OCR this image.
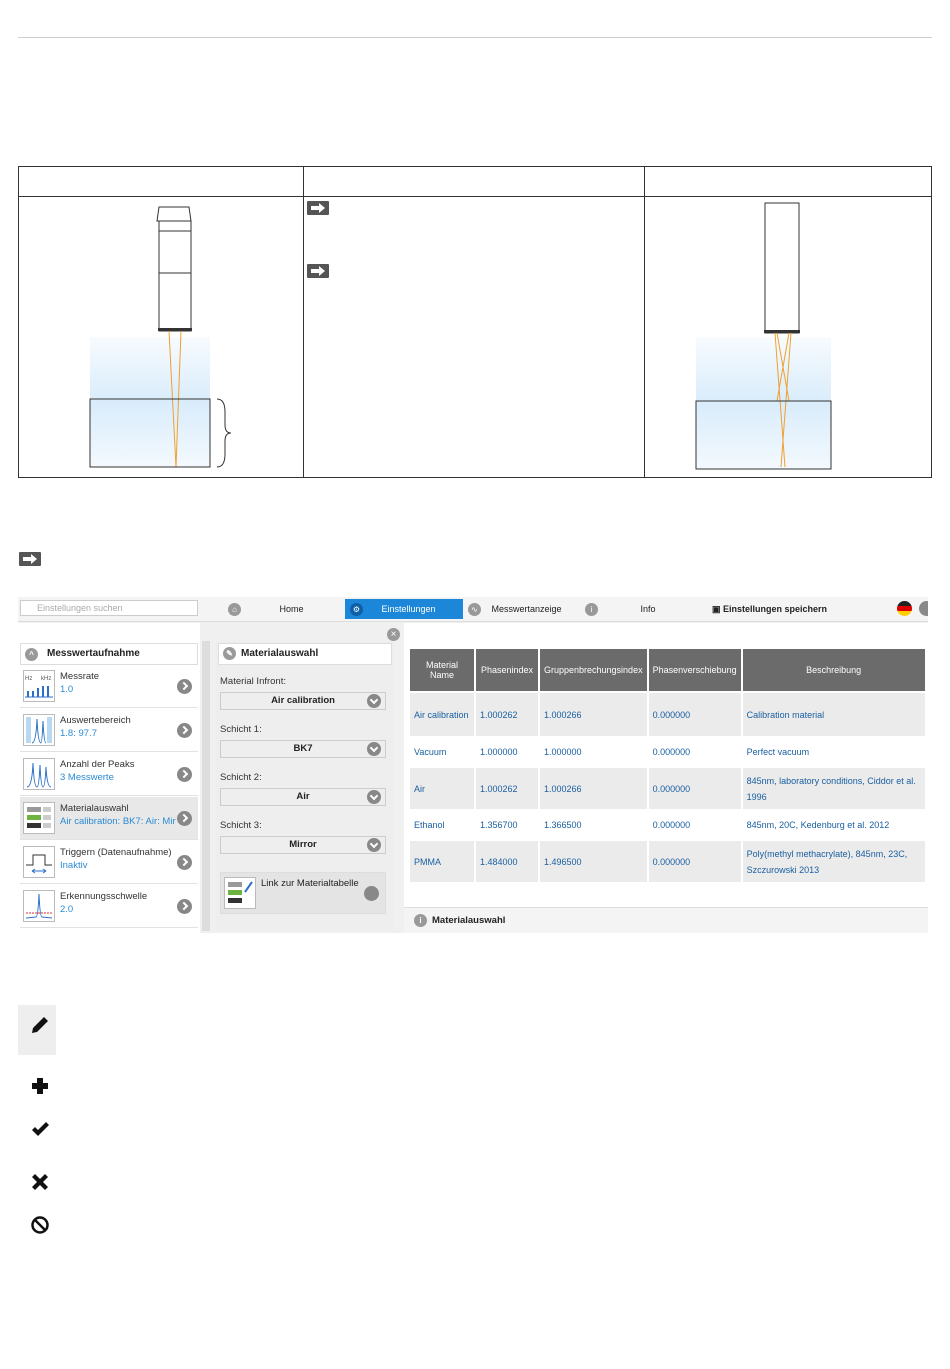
Einstellungen suchen	⌂	Home	⚙ Einstellungen	∿ Messwertanzeige	i	Info	▣ Einstellungen speichern
^	Messwertaufnahme
Hz kHz Messrate
1.0
Auswertebereich
1.8: 97.7
Anzahl der Peaks
3 Messwerte
Materialauswahl
Air calibration: BK7: Air: Mir
Triggern (Datenaufnahme)
Inaktiv
Erkennungsschwelle
2.0
×
✎ Materialauswahl
Material Infront:
Air calibration
Schicht 1:
BK7
Schicht 2:
Air
Schicht 3:
Mirror
Link zur Materialtabelle
Material Name	Phasenindex	Gruppenbrechungsindex	Phasenverschiebung	Beschreibung
Air calibration	1.000262	1.000266	0.000000	Calibration material
Vacuum	1.000000	1.000000	0.000000	Perfect vacuum
Air	1.000262	1.000266	0.000000	845nm, laboratory conditions, Ciddor et al. 1996
Ethanol	1.356700	1.366500	0.000000	845nm, 20C, Kedenburg et al. 2012
PMMA	1.484000	1.496500	0.000000	Poly(methyl methacrylate), 845nm, 23C, Szczurowski 2013
i	Materialauswahl
